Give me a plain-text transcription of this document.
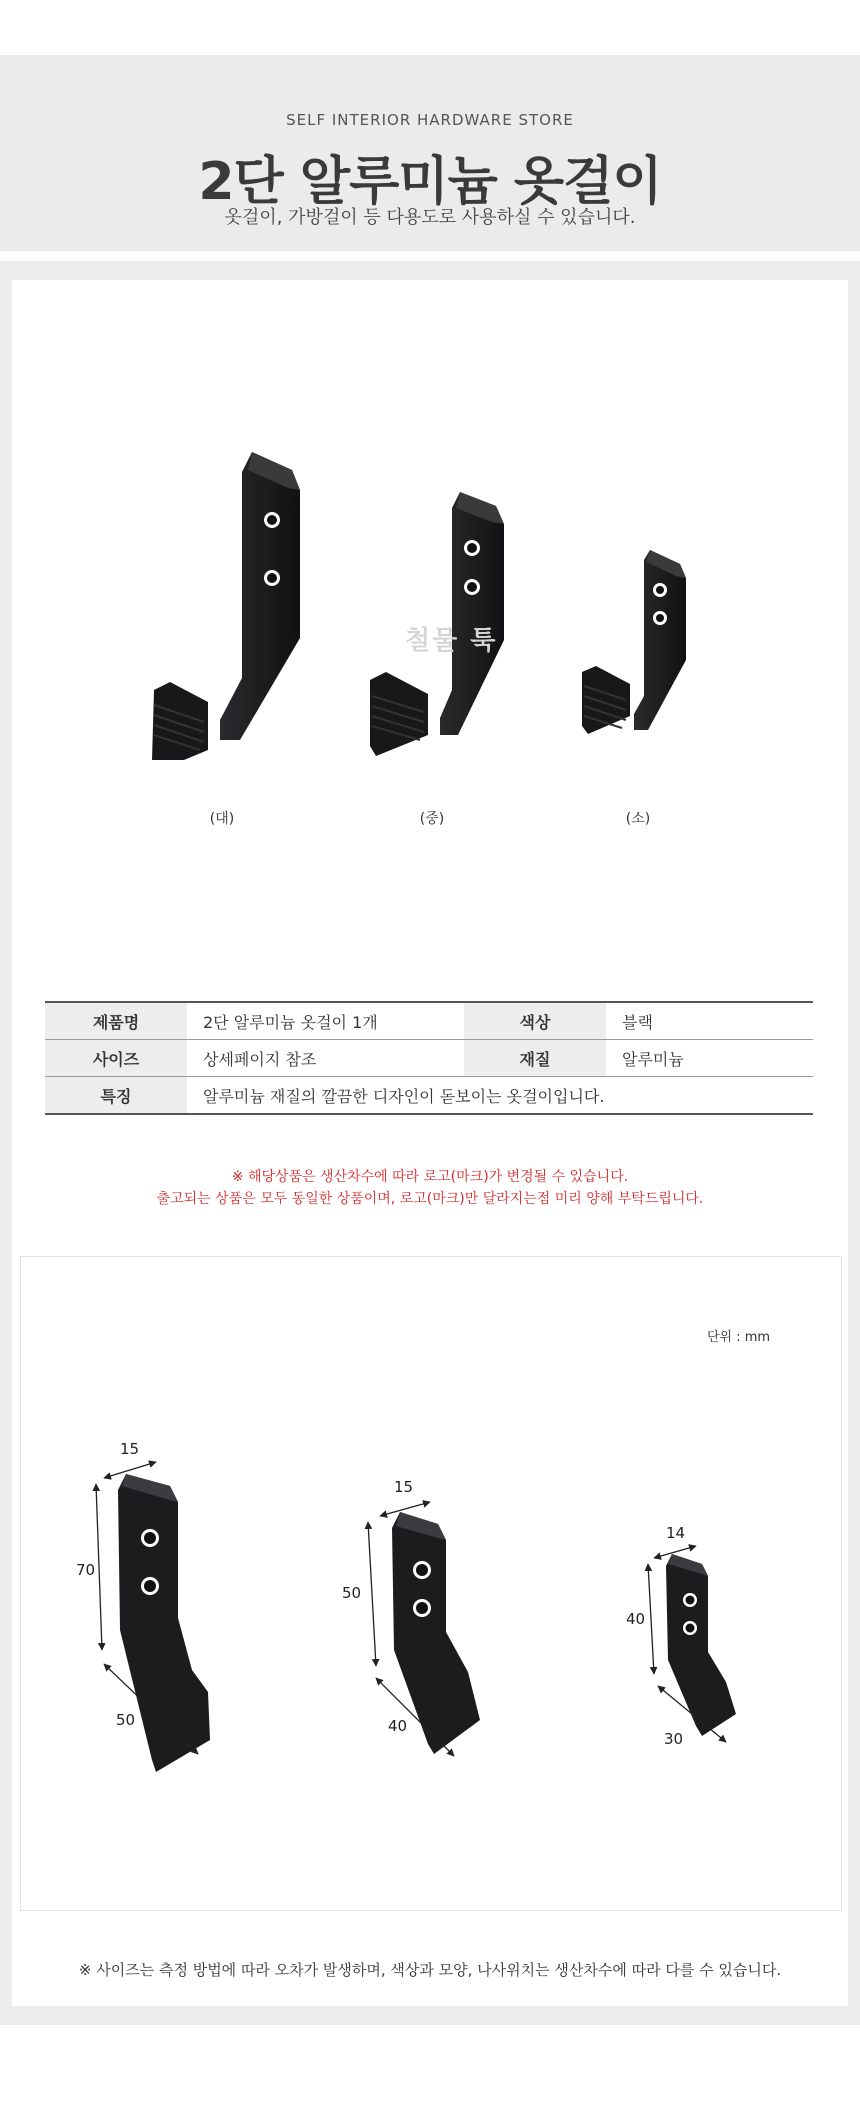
SELF INTERIOR HARDWARE STORE
2단 알루미늄 옷걸이
옷걸이, 가방걸이 등 다용도로 사용하실 수 있습니다.
철물 툭
(대)	(중)	(소)
제품명	2단 알루미늄 옷걸이 1개	색상	블랙
사이즈	상세페이지 참조	재질	알루미늄
특징	알루미늄 재질의 깔끔한 디자인이 돋보이는 옷걸이입니다.		
※ 해당상품은 생산차수에 따라 로고(마크)가 변경될 수 있습니다.
출고되는 상품은 모두 동일한 상품이며, 로고(마크)만 달라지는점 미리 양해 부탁드립니다.
단위 : mm
15
70
50
15
50
40
14
40
30
※ 사이즈는 측정 방법에 따라 오차가 발생하며, 색상과 모양, 나사위치는 생산차수에 따라 다를 수 있습니다.
